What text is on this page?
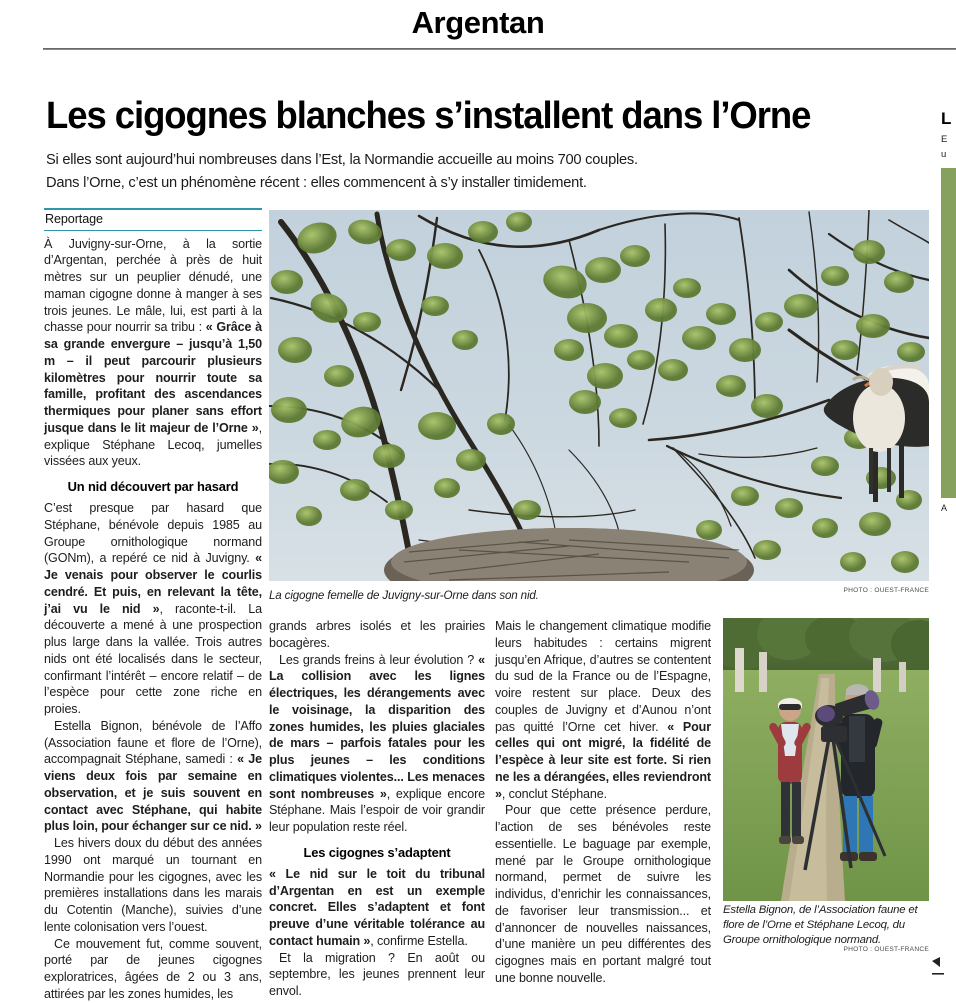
Argentan
Les cigognes blanches s’installent dans l’Orne
Si elles sont aujourd’hui nombreuses dans l’Est, la Normandie accueille au moins 700 couples.
Dans l’Orne, c’est un phénomène récent : elles commencent à s’y installer timidement.
Reportage

À Juvigny-sur-Orne, à la sortie d’Argentan, perchée à près de huit mètres sur un peuplier dénudé, une maman cigogne donne à manger à ses trois jeunes. Le mâle, lui, est parti à la chasse pour nourrir sa tribu : « Grâce à sa grande envergure – jusqu’à 1,50 m – il peut parcourir plusieurs kilomètres pour nourrir toute sa famille, profitant des ascendances thermiques pour planer sans effort jusque dans le lit majeur de l’Orne », explique Stéphane Lecoq, jumelles vissées aux yeux.

Un nid découvert par hasard

C’est presque par hasard que Stéphane, bénévole depuis 1985 au Groupe ornithologique normand (GONm), a repéré ce nid à Juvigny. « Je venais pour observer le courlis cendré. Et puis, en relevant la tête, j’ai vu le nid », raconte-t-il. La découverte a mené à une prospection plus large dans la vallée. Trois autres nids ont été localisés dans le secteur, confirmant l’intérêt – encore relatif – de l’espèce pour cette zone riche en proies.

Estella Bignon, bénévole de l’Affo (Association faune et flore de l’Orne), accompagnait Stéphane, samedi : « Je viens deux fois par semaine en observation, et je suis souvent en contact avec Stéphane, qui habite plus loin, pour échanger sur ce nid. »

Les hivers doux du début des années 1990 ont marqué un tournant en Normandie pour les cigognes, avec les premières installations dans les marais du Cotentin (Manche), suivies d’une lente colonisation vers l’ouest.

Ce mouvement fut, comme souvent, porté par de jeunes cigognes exploratrices, âgées de 2 ou 3 ans, attirées par les zones humides, les

La cigogne femelle de Juvigny-sur-Orne dans son nid.	PHOTO : OUEST-FRANCE

grands arbres isolés et les prairies bocagères.

Les grands freins à leur évolution ? « La collision avec les lignes électriques, les dérangements avec le voisinage, la disparition des zones humides, les pluies glaciales de mars – parfois fatales pour les plus jeunes – les conditions climatiques violentes... Les menaces sont nombreuses », explique encore Stéphane. Mais l’espoir de voir grandir leur population reste réel.

Les cigognes s’adaptent

« Le nid sur le toit du tribunal d’Argentan en est un exemple concret. Elles s’adaptent et font preuve d’une véritable tolérance au contact humain », confirme Estella.

Et la migration ? En août ou septembre, les jeunes prennent leur envol.

Mais le changement climatique modifie leurs habitudes : certains migrent jusqu’en Afrique, d’autres se contentent du sud de la France ou de l’Espagne, voire restent sur place. Deux des couples de Juvigny et d’Aunou n’ont pas quitté l’Orne cet hiver. « Pour celles qui ont migré, la fidélité de l’espèce à leur site est forte. Si rien ne les a dérangées, elles reviendront », conclut Stéphane.

Pour que cette présence perdure, l’action de ses bénévoles reste essentielle. Le baguage par exemple, mené par le Groupe ornithologique normand, permet de suivre les individus, d’enrichir les connaissances, de favoriser leur transmission... et d’annoncer de nouvelles naissances, d’une manière un peu différentes des cigognes mais en portant malgré tout une bonne nouvelle.

Estella Bignon, de l’Association faune et flore de l’Orne et Stéphane Lecoq, du Groupe ornithologique normand.
PHOTO : OUEST-FRANCE
L
E
u
A
